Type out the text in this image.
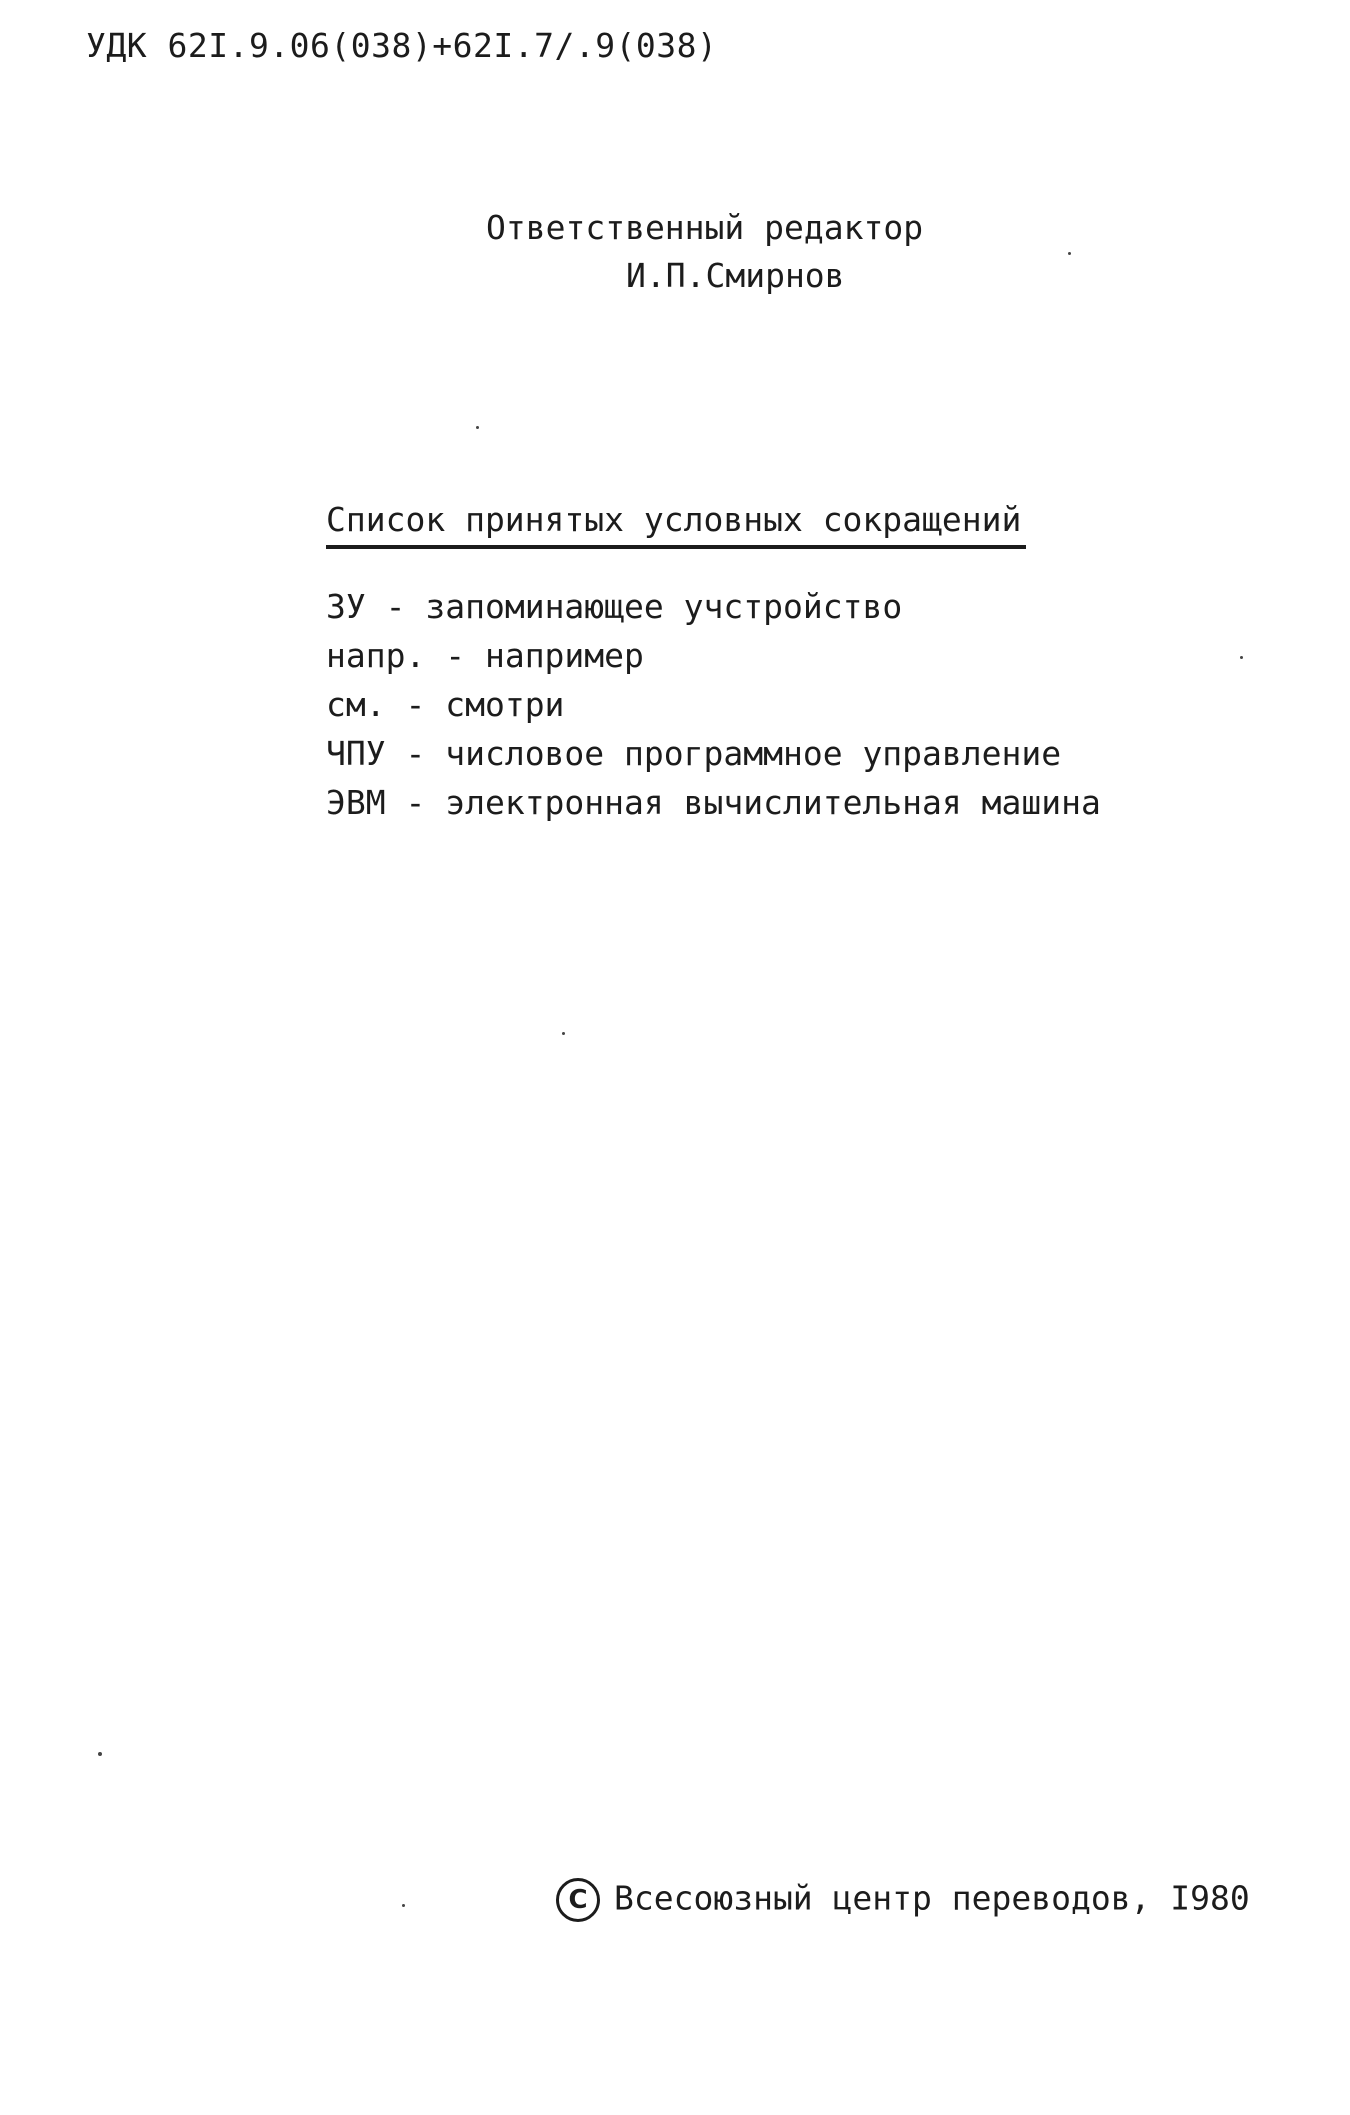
УДК 62I.9.06(038)+62I.7/.9(038)
Ответственный редактор
И.П.Смирнов
Список принятых условных сокращений
ЗУ - запоминающее учстройство
напр. - например
см. - смотри
ЧПУ - числовое программное управление
ЭВМ - электронная вычислительная машина
C Всесоюзный центр переводов, I980
